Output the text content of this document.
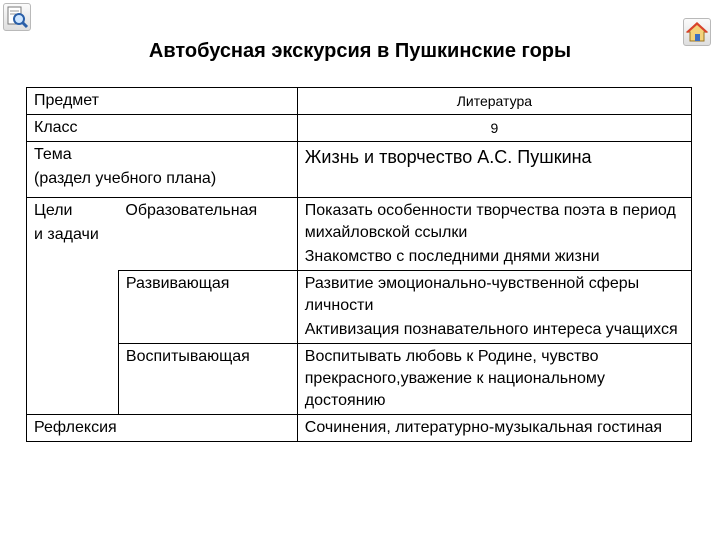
Автобусная экскурсия в Пушкинские горы
Предмет		Литература
Класс		9

Тема
(раздел учебного плана)		Жизнь и творчество А.С. Пушкина

Цели
и задачи	Образовательная	Показать особенности творчества поэта в период михайловской ссылки
Знакомство с последними днями жизни

	Развивающая	Развитие эмоционально-чувственной сферы личности
Активизация познавательного интереса учащихся

	Воспитывающая	Воспитывать любовь к Родине, чувство прекрасного,уважение к национальному достоянию
Рефлексия		Сочинения, литературно-музыкальная гостиная
